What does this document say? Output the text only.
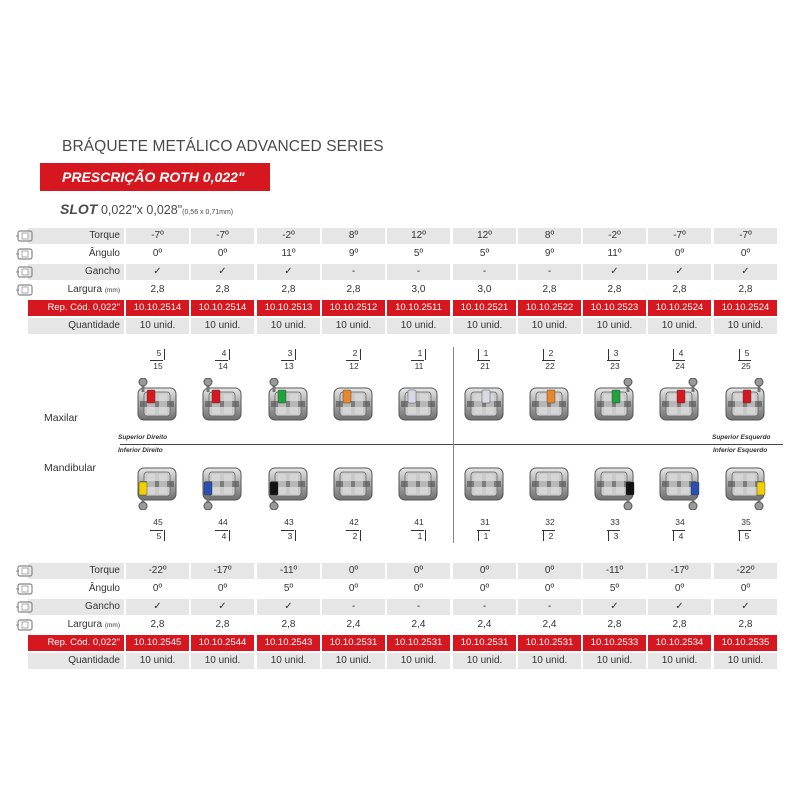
BRÁQUETE METÁLICO ADVANCED SERIES
PRESCRIÇÃO ROTH 0,022"
SLOT 0,022"x 0,028"(0,56 x 0,71mm)
Torque	-7º	-7º	-2º	8º	12º	12º	8º	-2º	-7º	-7º
Ângulo	0º	0º	11º	9º	5º	5º	9º	11º	0º	0º
Gancho	✓	✓	✓	-	-	-	-	✓	✓	✓
Largura (mm)	2,8	2,8	2,8	2,8	3,0	3,0	2,8	2,8	2,8	2,8
Rep. Cód. 0,022"	10.10.2514	10.10.2514	10.10.2513	10.10.2512	10.10.2511	10.10.2521	10.10.2522	10.10.2523	10.10.2524	10.10.2524
Quantidade	10 unid.	10 unid.	10 unid.	10 unid.	10 unid.	10 unid.	10 unid.	10 unid.	10 unid.	10 unid.
Maxilar
Mandibular
Superior Direito	Superior Esquerdo
Inferior Direito	Inferior Esquerdo
5
15
4
14
3
13
2
12
1
11
1
21
2
22
3
23
4
24
5
25
45
5
44
4
43
3
42
2
41
1
31
1
32
2
33
3
34
4
35
5
Torque	-22º	-17º	-11º	0º	0º	0º	0º	-11º	-17º	-22º
Ângulo	0º	0º	5º	0º	0º	0º	0º	5º	0º	0º
Gancho	✓	✓	✓	-	-	-	-	✓	✓	✓
Largura (mm)	2,8	2,8	2,8	2,4	2,4	2,4	2,4	2,8	2,8	2,8
Rep. Cód. 0,022"	10.10.2545	10.10.2544	10.10.2543	10.10.2531	10.10.2531	10.10.2531	10.10.2531	10.10.2533	10.10.2534	10.10.2535
Quantidade	10 unid.	10 unid.	10 unid.	10 unid.	10 unid.	10 unid.	10 unid.	10 unid.	10 unid.	10 unid.
